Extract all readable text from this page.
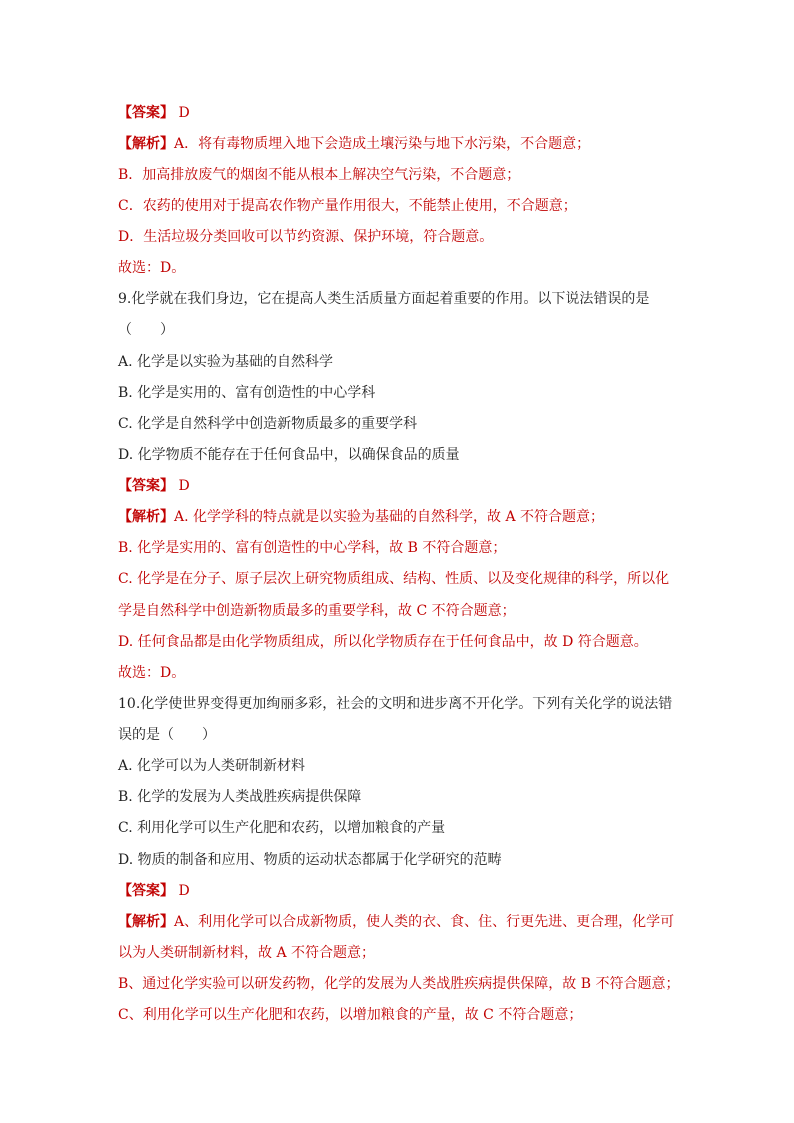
【答案】 D
【解析】A．将有毒物质埋入地下会造成土壤污染与地下水污染，不合题意；
B．加高排放废气的烟囱不能从根本上解决空气污染，不合题意；
C．农药的使用对于提高农作物产量作用很大，不能禁止使用，不合题意；
D．生活垃圾分类回收可以节约资源、保护环境，符合题意。
故选：D。
9.化学就在我们身边，它在提高人类生活质量方面起着重要的作用。以下说法错误的是
（　　）
A. 化学是以实验为基础的自然科学
B. 化学是实用的、富有创造性的中心学科
C. 化学是自然科学中创造新物质最多的重要学科
D. 化学物质不能存在于任何食品中，以确保食品的质量
【答案】 D
【解析】A. 化学学科的特点就是以实验为基础的自然科学，故 A 不符合题意；
B. 化学是实用的、富有创造性的中心学科，故 B 不符合题意；
C. 化学是在分子、原子层次上研究物质组成、结构、性质、以及变化规律的科学，所以化
学是自然科学中创造新物质最多的重要学科，故 C 不符合题意；
D. 任何食品都是由化学物质组成，所以化学物质存在于任何食品中，故 D 符合题意。
故选：D。
10.化学使世界变得更加绚丽多彩，社会的文明和进步离不开化学。下列有关化学的说法错
误的是（　　）
A. 化学可以为人类研制新材料
B. 化学的发展为人类战胜疾病提供保障
C. 利用化学可以生产化肥和农药，以增加粮食的产量
D. 物质的制备和应用、物质的运动状态都属于化学研究的范畴
【答案】 D
【解析】A、利用化学可以合成新物质，使人类的衣、食、住、行更先进、更合理，化学可
以为人类研制新材料，故 A 不符合题意；
B、通过化学实验可以研发药物，化学的发展为人类战胜疾病提供保障，故 B 不符合题意；
C、利用化学可以生产化肥和农药，以增加粮食的产量，故 C 不符合题意；
